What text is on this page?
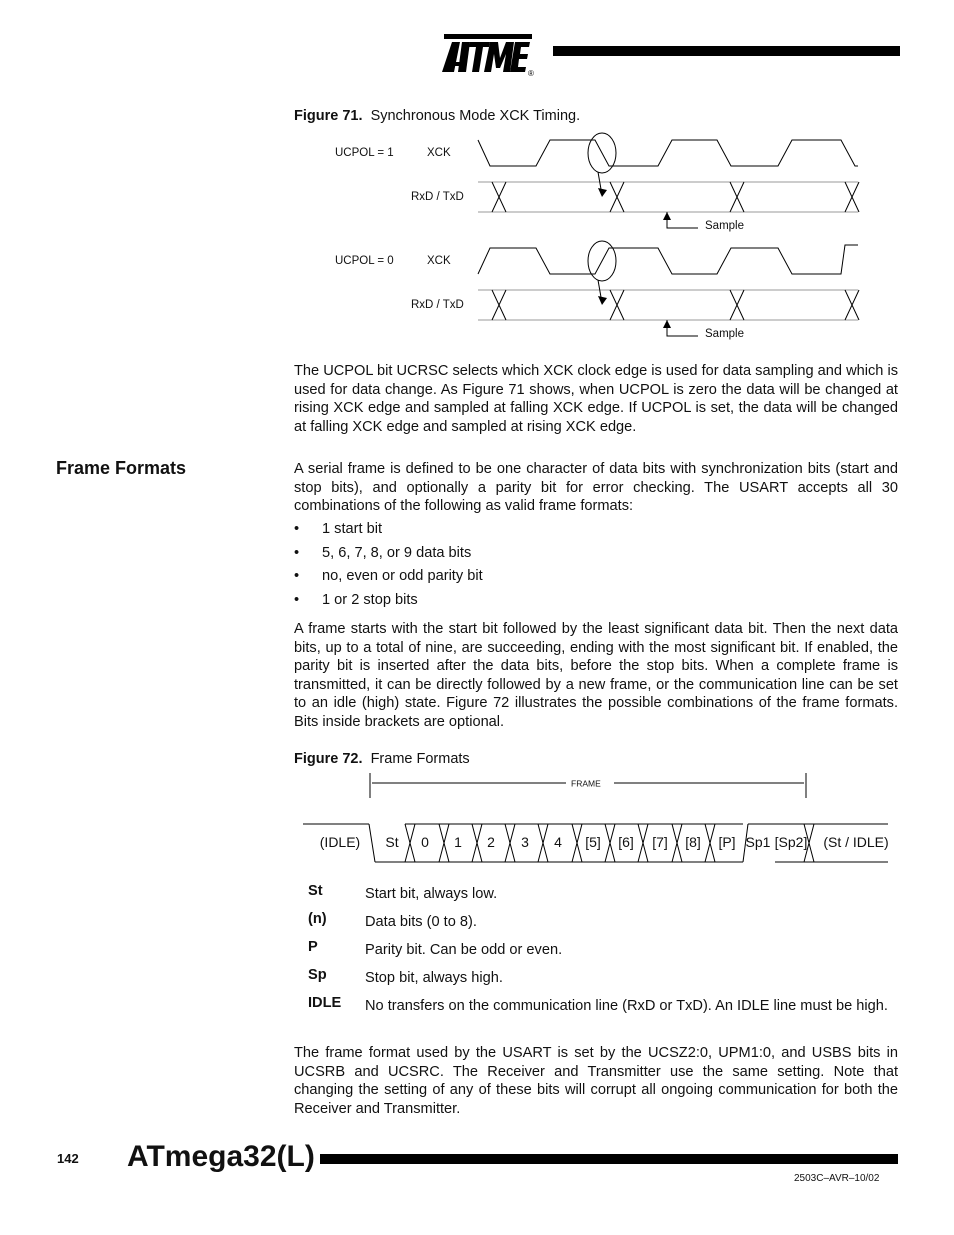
®
Figure 71. Synchronous Mode XCK Timing.
UCPOL = 1	XCK
RxD / TxD
Sample
UCPOL = 0	XCK
RxD / TxD
Sample
The UCPOL bit UCRSC selects which XCK clock edge is used for data sampling and which is used for data change. As Figure 71 shows, when UCPOL is zero the data will be changed at rising XCK edge and sampled at falling XCK edge. If UCPOL is set, the data will be changed at falling XCK edge and sampled at rising XCK edge.
Frame Formats	A serial frame is defined to be one character of data bits with synchronization bits (start and stop bits), and optionally a parity bit for error checking. The USART accepts all 30 combinations of the following as valid frame formats:
• 1 start bit
• 5, 6, 7, 8, or 9 data bits
• no, even or odd parity bit
• 1 or 2 stop bits
A frame starts with the start bit followed by the least significant data bit. Then the next data bits, up to a total of nine, are succeeding, ending with the most significant bit. If enabled, the parity bit is inserted after the data bits, before the stop bits. When a complete frame is transmitted, it can be directly followed by a new frame, or the communication line can be set to an idle (high) state. Figure 72 illustrates the possible combinations of the frame formats. Bits inside brackets are optional.
Figure 72. Frame Formats
FRAME
(IDLE) St 0 1 2 3 4 [5] [6] [7] [8] [P] Sp1 [Sp2] (St / IDLE)
St	Start bit, always low.
(n)	Data bits (0 to 8).
P	Parity bit. Can be odd or even.
Sp	Stop bit, always high.
IDLE No transfers on the communication line (RxD or TxD). An IDLE line must be high.
The frame format used by the USART is set by the UCSZ2:0, UPM1:0, and USBS bits in UCSRB and UCSRC. The Receiver and Transmitter use the same setting. Note that changing the setting of any of these bits will corrupt all ongoing communication for both the Receiver and Transmitter.
142 ATmega32(L)
2503C–AVR–10/02
